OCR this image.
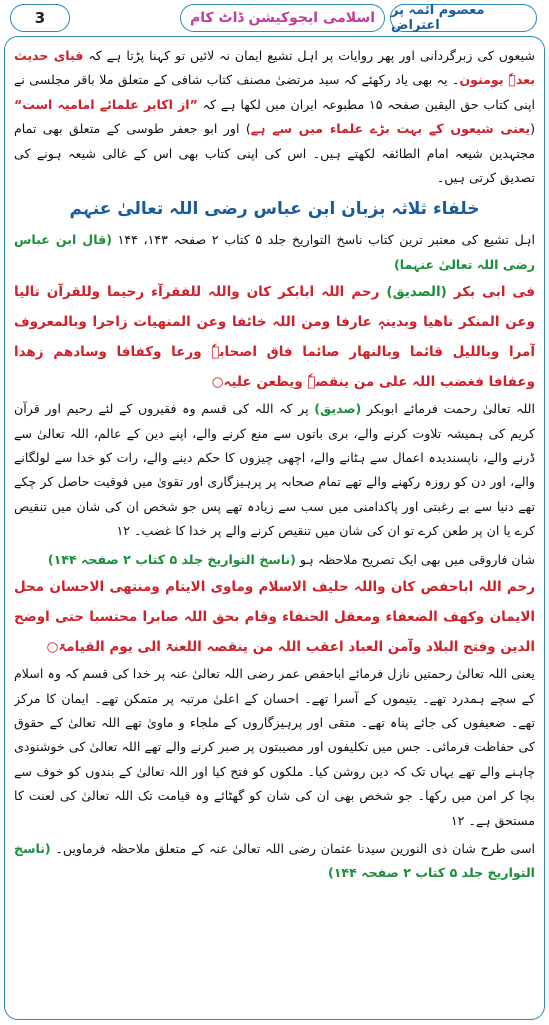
3	اسلامی ایجوکیشن ڈاٹ کام	معصوم ائمہ پر اعتراض

شیعوں کی زبرگردانی اور پھر روایات پر اہل تشیع ایمان نہ لائیں تو کہنا پڑتا ہے کہ فبای حدیث بعدہٗ یومنون۔ یہ بھی یاد رکھئے کہ سید مرتضیٰ مصنف کتاب شافی کے متعلق ملا باقر مجلسی نے اپنی کتاب حق الیقین صفحہ ۱۵ مطبوعہ ایران میں لکھا ہے کہ ”از اکابر علمائے امامیہ است“ (یعنی شیعوں کے بہت بڑے علماء میں سے ہے) اور ابو جعفر طوسی کے متعلق بھی تمام مجتہدین شیعہ امام الطائفہ لکھتے ہیں۔ اس کی اپنی کتاب بھی اس کے غالی شیعہ ہونے کی تصدیق کرتی ہیں۔

خلفاء ثلاثہ بزبان ابن عباس رضی اللہ تعالیٰ عنہم

اہل تشیع کی معتبر ترین کتاب ناسخ التواریخ جلد ۵ کتاب ۲ صفحہ ۱۴۳، ۱۴۴ (قال ابن عباس رضی اللہ تعالیٰ عنہما)

فی ابی بکر (الصدیق) رحم اللہ ابابکر کان واللہ للفقرآء رحیما وللقرآن تالیا وعن المنکر ناھیا وبدینہٖ عارفا ومن اللہ خائفا وعن المنھیات زاجرا وبالمعروف آمرا وباللیل قائما وبالنھار صائما فاق اصحابہٗ ورعا وکفافا وسادھم زھدا وعفافا فغضب اللہ علی من ینقصہٗ ویطعن علیہ○

اللہ تعالیٰ رحمت فرمائے ابوبکر (صدیق) پر کہ اللہ کی قسم وہ فقیروں کے لئے رحیم اور قرآن کریم کی ہمیشہ تلاوت کرنے والے، بری باتوں سے منع کرنے والے، اپنے دین کے عالم، اللہ تعالیٰ سے ڈرنے والے، ناپسندیدہ اعمال سے ہٹانے والے، اچھی چیزوں کا حکم دینے والے، رات کو خدا سے لولگانے والے، اور دن کو روزہ رکھنے والے تھے تمام صحابہ پر پرہیزگاری اور تقویٰ میں فوقیت حاصل کر چکے تھے دنیا سے بے رغبتی اور پاکدامنی میں سب سے زیادہ تھے پس جو شخص ان کی شان میں تنقیص کرے یا ان پر طعن کرے تو ان کی شان میں تنقیص کرنے والے پر خدا کا غضب۔ ۱۲

شان فاروقی میں بھی ایک تصریح ملاحظہ ہو (ناسخ التواریخ جلد ۵ کتاب ۲ صفحہ ۱۴۴)

رحم اللہ اباحفص کان واللہ حلیف الاسلام وماوی الایتام ومنتھی الاحسان محل الایمان وکھف الضعفاء ومعقل الحنفاء وقام بحق اللہ صابرا محتسبا حتی اوضح الدین وفتح البلاد وآمن العباد اعقب اللہ من ینقصہ اللعنۃ الی یوم القیامۃ○

یعنی اللہ تعالیٰ رحمتیں نازل فرمائے اباحفص عمر رضی اللہ تعالیٰ عنہ پر خدا کی قسم کہ وہ اسلام کے سچے ہمدرد تھے۔ یتیموں کے آسرا تھے۔ احسان کے اعلیٰ مرتبہ پر متمکن تھے۔ ایمان کا مرکز تھے۔ ضعیفوں کی جائے پناہ تھے۔ متقی اور پرہیزگاروں کے ملجاء و ماویٰ تھے اللہ تعالیٰ کے حقوق کی حفاظت فرمائی۔ جس میں تکلیفوں اور مصیبتوں پر صبر کرنے والے تھے اللہ تعالیٰ کی خوشنودی چاہنے والے تھے یہاں تک کہ دین روشن کیا۔ ملکوں کو فتح کیا اور اللہ تعالیٰ کے بندوں کو خوف سے بچا کر امن میں رکھا۔ جو شخص بھی ان کی شان کو گھٹائے وہ قیامت تک اللہ تعالیٰ کی لعنت کا مستحق ہے۔ ۱۲

اسی طرح شان ذی النورین سیدنا عثمان رضی اللہ تعالیٰ عنہ کے متعلق ملاحظہ فرماویں۔ (ناسخ التواریخ جلد ۵ کتاب ۲ صفحہ ۱۴۴)
